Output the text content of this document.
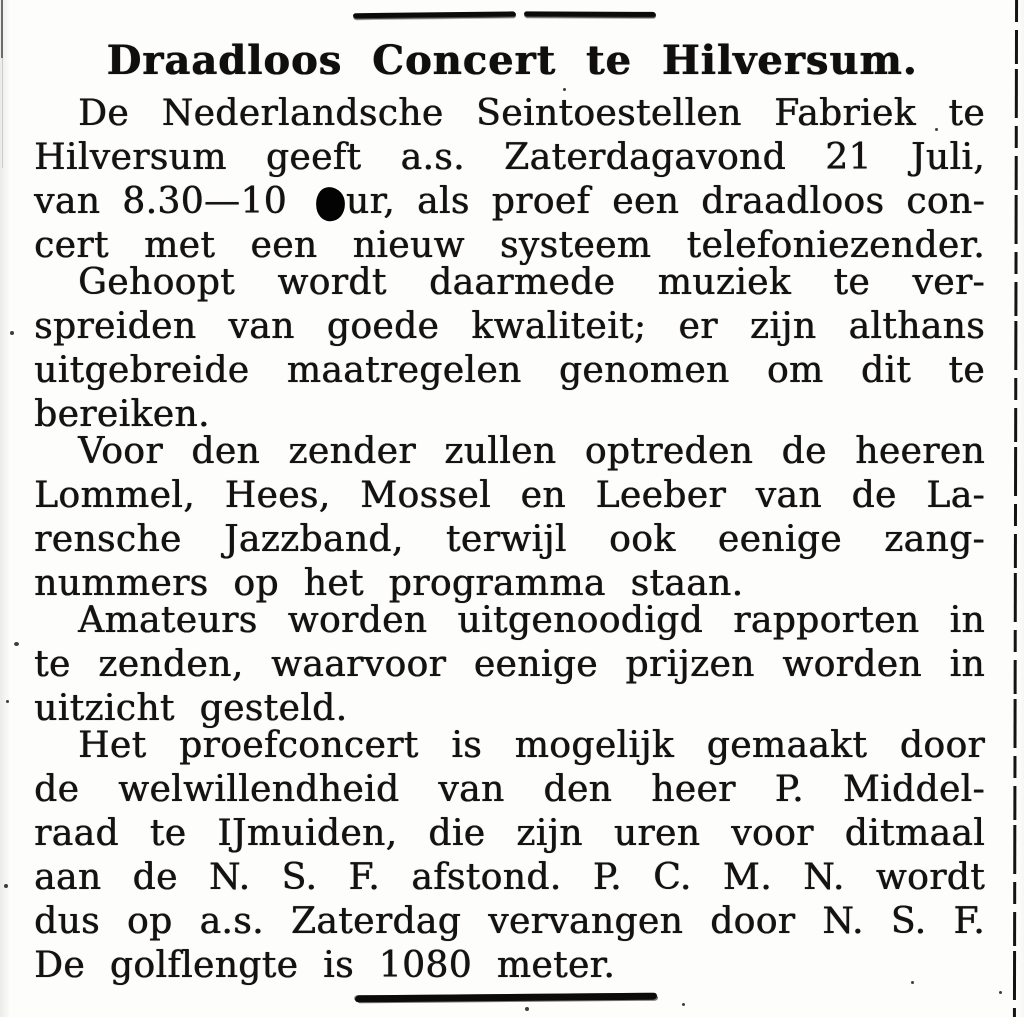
Draadloos Concert te Hilversum.
De Nederlandsche Seintoestellen Fabriek te
Hilversum geeft a.s. Zaterdagavond 21 Juli,
van 8.30—10 ur, als proef een draadloos con-
cert met een nieuw systeem telefoniezender.
Gehoopt wordt daarmede muziek te ver-
spreiden van goede kwaliteit; er zijn althans
uitgebreide maatregelen genomen om dit te
bereiken.
Voor den zender zullen optreden de heeren
Lommel, Hees, Mossel en Leeber van de La-
rensche Jazzband, terwijl ook eenige zang-
nummers op het programma staan.
Amateurs worden uitgenoodigd rapporten in
te zenden, waarvoor eenige prijzen worden in
uitzicht gesteld.
Het proefconcert is mogelijk gemaakt door
de welwillendheid van den heer P. Middel-
raad te IJmuiden, die zijn uren voor ditmaal
aan de N. S. F. afstond. P. C. M. N. wordt
dus op a.s. Zaterdag vervangen door N. S. F.
De golflengte is 1080 meter.
